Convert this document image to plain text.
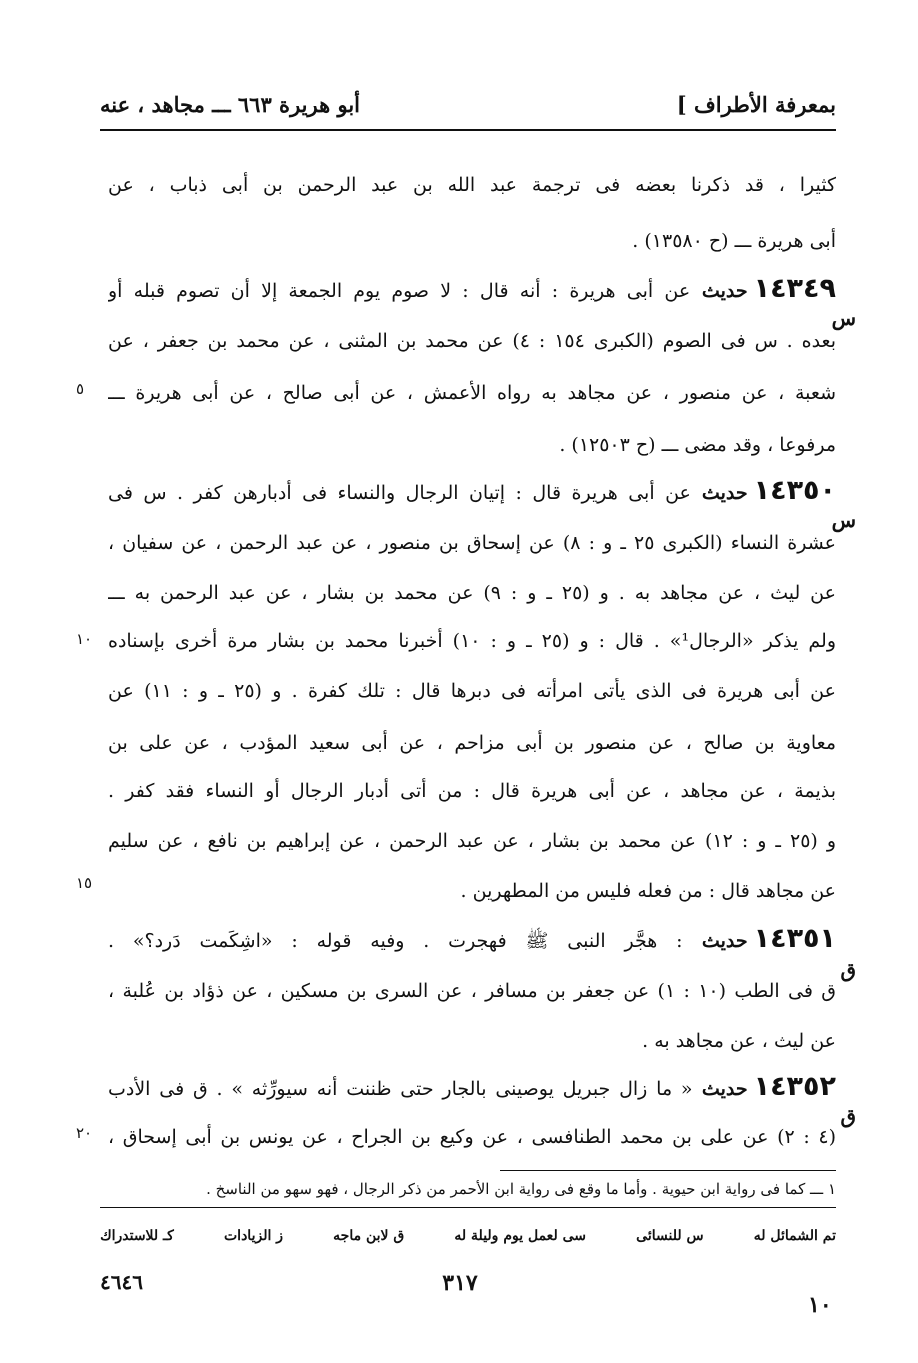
بمعرفة الأطراف ]
أبو هريرة ٦٦٣ ـــ مجاهد ، عنه
كثيرا ، قد ذكرنا بعضه فى ترجمة عبد الله بن عبد الرحمن بن أبى ذباب ، عن
أبى هريرة ـــ (ح ١٣٥٨٠) .
شعبة ، عن منصور ، عن مجاهد به رواه الأعمش ، عن أبى صالح ، عن أبى هريرة ـــ
مرفوعا ، وقد مضى ـــ (ح ١٢٥٠٣) .
بعده . س فى الصوم (الكبرى ١٥٤ : ٤) عن محمد بن المثنى ، عن محمد بن جعفر ، عن
عشرة النساء (الكبرى ٢٥ ـ و : ٨) عن إسحاق بن منصور ، عن عبد الرحمن ، عن سفيان ،
عن ليث ، عن مجاهد به . و (٢٥ ـ و : ٩) عن محمد بن بشار ، عن عبد الرحمن به ـــ
ولم يذكر «الرجال¹» . قال : و (٢٥ ـ و : ١٠) أخبرنا محمد بن بشار مرة أخرى بإسناده
عن أبى هريرة فى الذى يأتى امرأته فى دبرها قال : تلك كفرة . و (٢٥ ـ و : ١١) عن
معاوية بن صالح ، عن منصور بن أبى مزاحم ، عن أبى سعيد المؤدب ، عن على بن
بذيمة ، عن مجاهد ، عن أبى هريرة قال : من أتى أدبار الرجال أو النساء فقد كفر .
و (٢٥ ـ و : ١٢) عن محمد بن بشار ، عن عبد الرحمن ، عن إبراهيم بن نافع ، عن سليم
عن مجاهد قال : من فعله فليس من المطهرين .
ق فى الطب (١٠ : ١) عن جعفر بن مسافر ، عن السرى بن مسكين ، عن ذؤاد بن عُلبة ،
عن ليث ، عن مجاهد به .
(٤ : ٢) عن على بن محمد الطنافسى ، عن وكيع بن الجراح ، عن يونس بن أبى إسحاق ،
١٤٣٤٩حديث عن أبى هريرة : أنه قال : لا صوم يوم الجمعة إلا أن تصوم قبله أو
س
١٤٣٥٠حديث عن أبى هريرة قال : إتيان الرجال والنساء فى أدبارهن كفر . س فى
س
١٤٣٥١حديث : هجَّر النبى ﷺ فهجرت . وفيه قوله : «اشِكَمت دَرد؟» .
ق
١٤٣٥٢حديث « ما زال جبريل يوصينى بالجار حتى ظننت أنه سيورِّثه » . ق فى الأدب
ق
٥
١٠
١٥
٢٠
١ ـــ كما فى رواية ابن حيوية . وأما ما وقع فى رواية ابن الأحمر من ذكر الرجال ، فهو سهو من الناسخ .
تم الشمائل له
س للنسائى
سى لعمل يوم وليلة له
ق لابن ماجه
ز الزيادات
كـ للاستدراك
٣١٧
٤٦٤٦
١٠
